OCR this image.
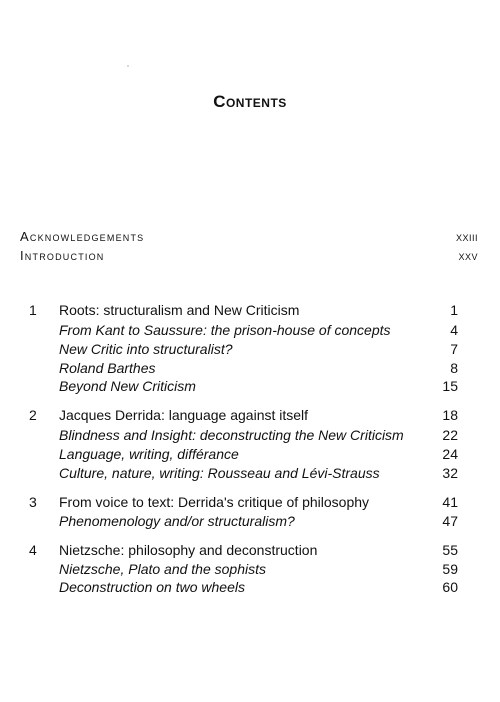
Contents
Acknowledgements	xxiii
Introduction	xxv
1 Roots: structuralism and New Criticism	1
From Kant to Saussure: the prison-house of concepts	4
New Critic into structuralist?	7
Roland Barthes	8
Beyond New Criticism	15
2 Jacques Derrida: language against itself	18
Blindness and Insight: deconstructing the New Criticism	22
Language, writing, différance	24
Culture, nature, writing: Rousseau and Lévi-Strauss	32
3 From voice to text: Derrida's critique of philosophy	41
Phenomenology and/or structuralism?	47
4 Nietzsche: philosophy and deconstruction	55
Nietzsche, Plato and the sophists	59
Deconstruction on two wheels	60
